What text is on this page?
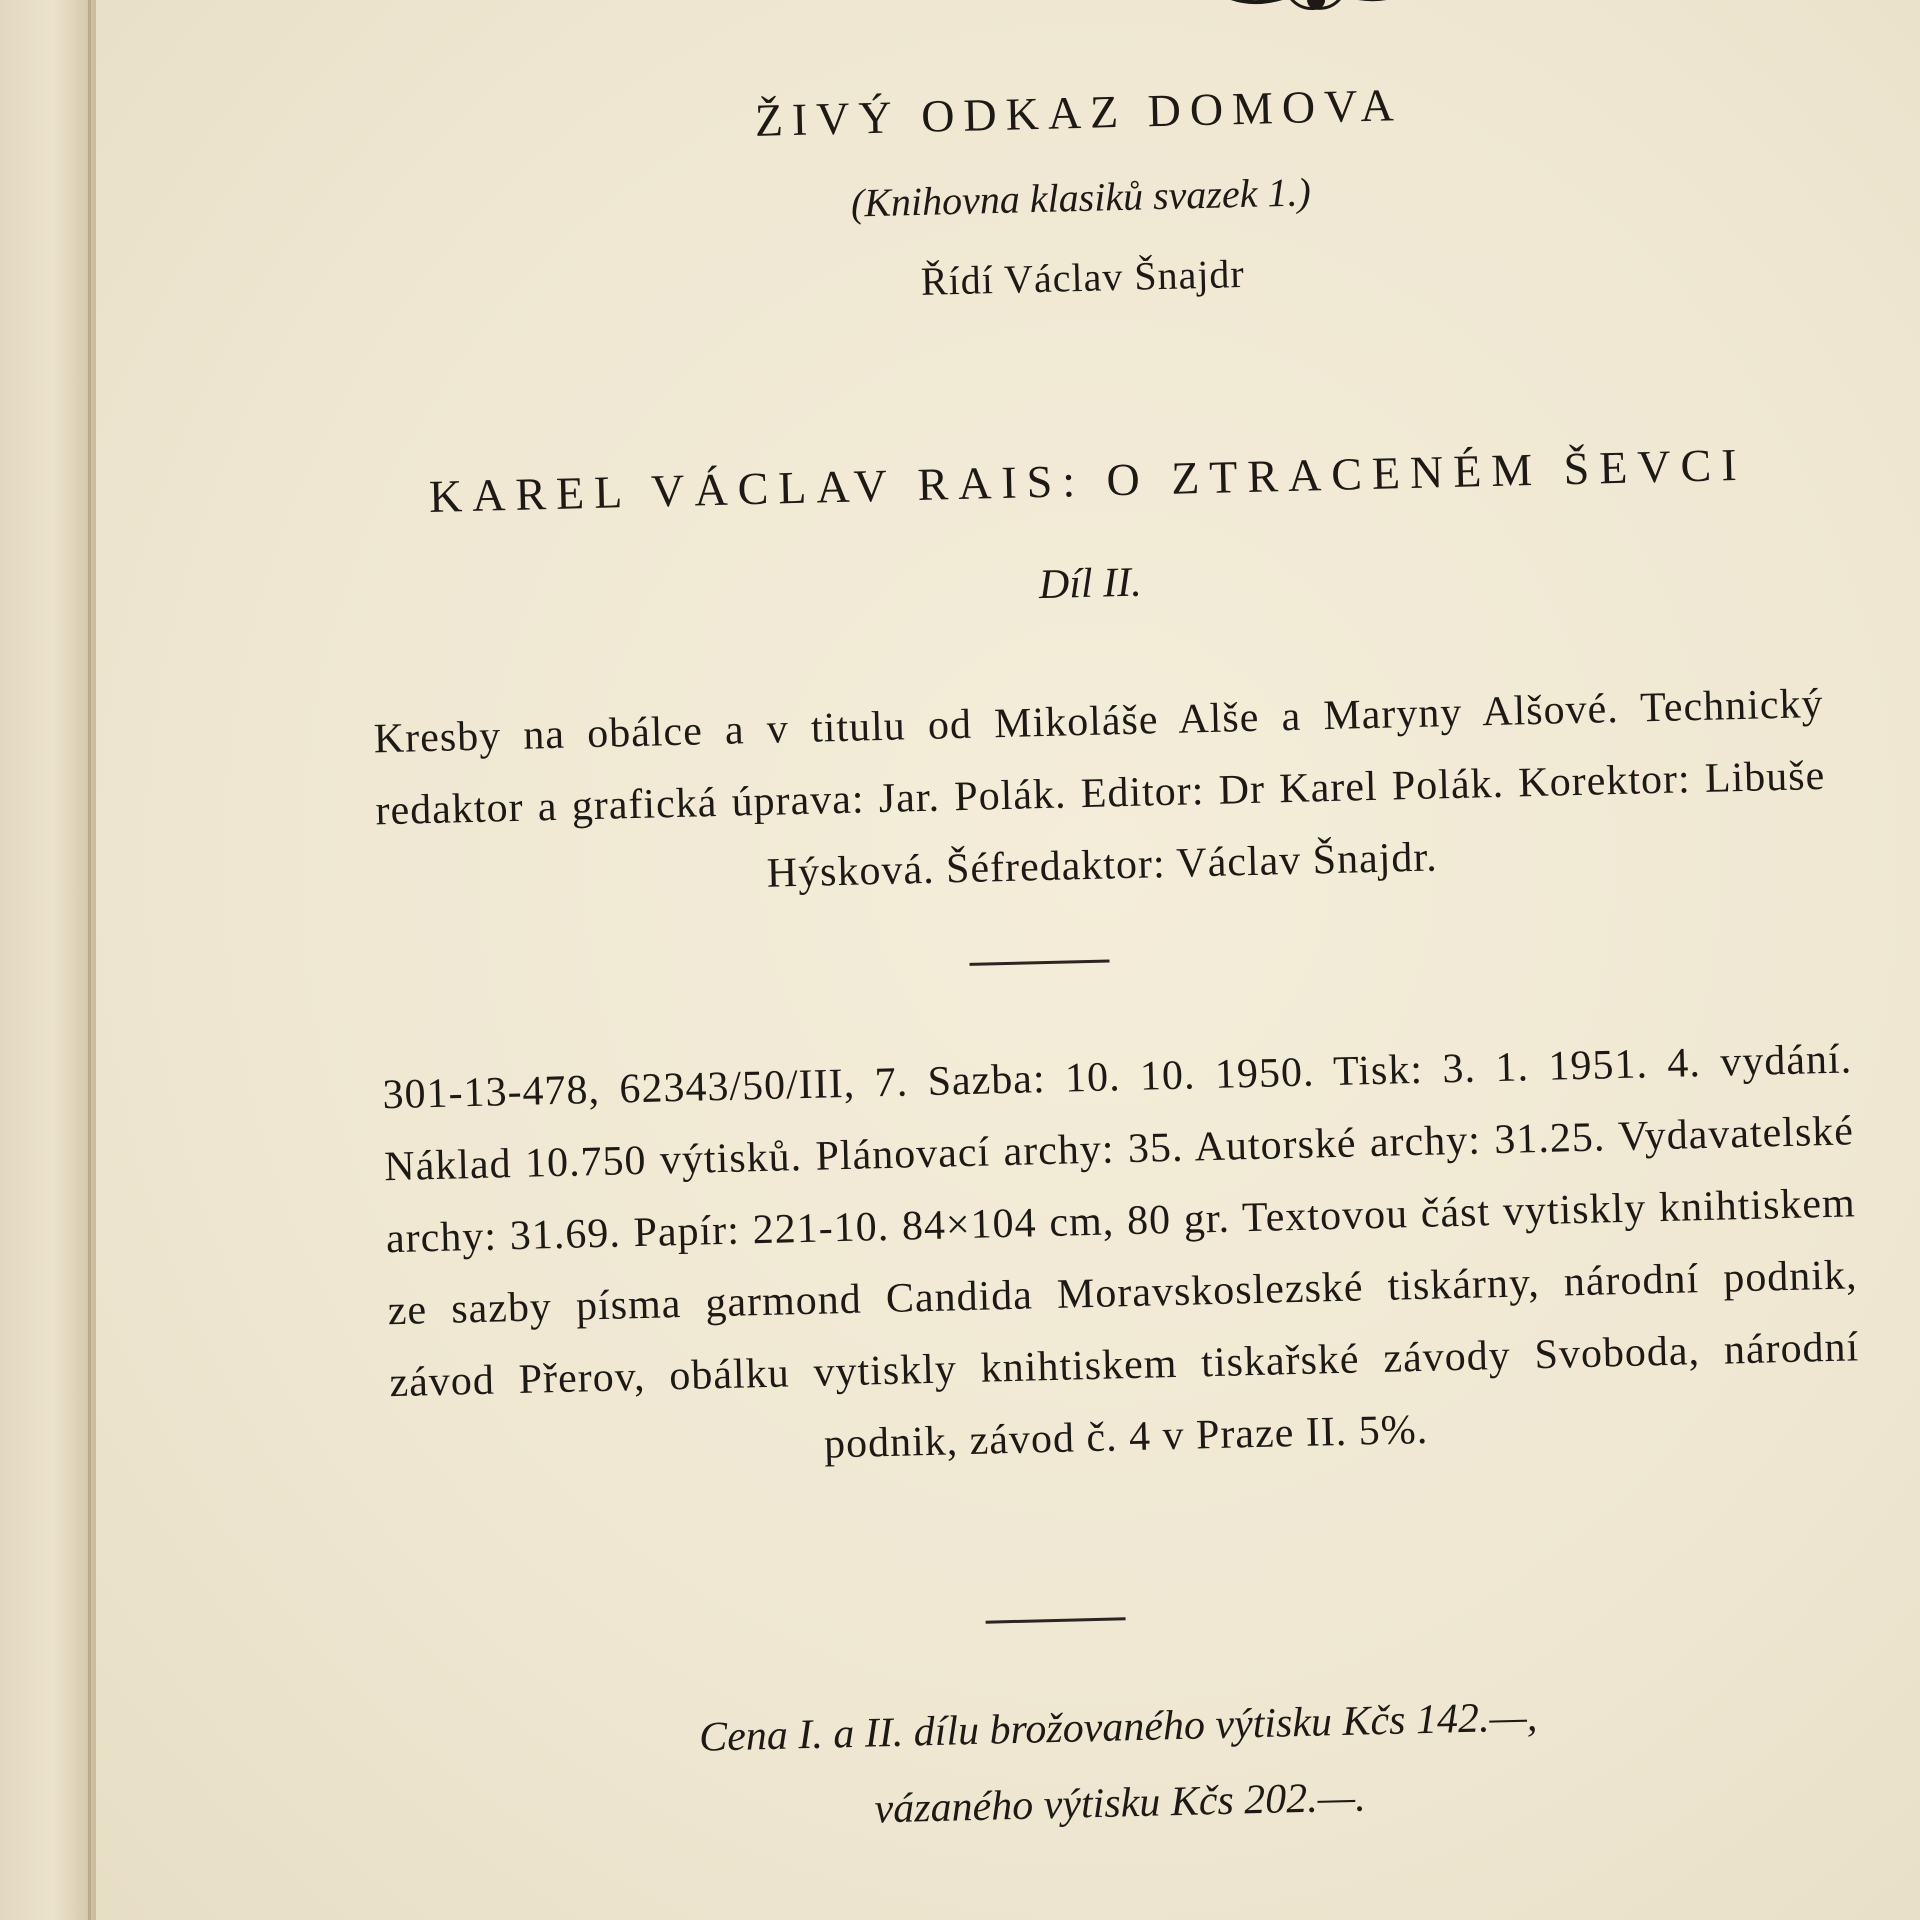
ŽIVÝ ODKAZ DOMOVA
(Knihovna klasiků svazek 1.)
Řídí Václav Šnajdr
KAREL VÁCLAV RAIS: O ZTRACENÉM ŠEVCI
Díl II.
Kresby na obálce a v titulu od Mikoláše Alše a Maryny Alšové. Technický redaktor a grafická úprava: Jar. Polák. Editor: Dr Karel Polák. Korektor: Libuše Hýsková. Šéfredaktor: Václav Šnajdr.
301-13-478, 62343/50/III, 7. Sazba: 10. 10. 1950. Tisk: 3. 1. 1951. 4. vydání. Náklad 10.750 výtisků. Plánovací archy: 35. Autorské archy: 31.25. Vydavatelské archy: 31.69. Papír: 221-10. 84×104 cm, 80 gr. Textovou část vytiskly knihtiskem ze sazby písma garmond Candida Moravskoslezské tiskárny, národní podnik, závod Přerov, obálku vytiskly knihtiskem tiskařské závody Svoboda, národní podnik, závod č. 4 v Praze II. 5%.
Cena I. a II. dílu brožovaného výtisku Kčs 142.—,
vázaného výtisku Kčs 202.—.
